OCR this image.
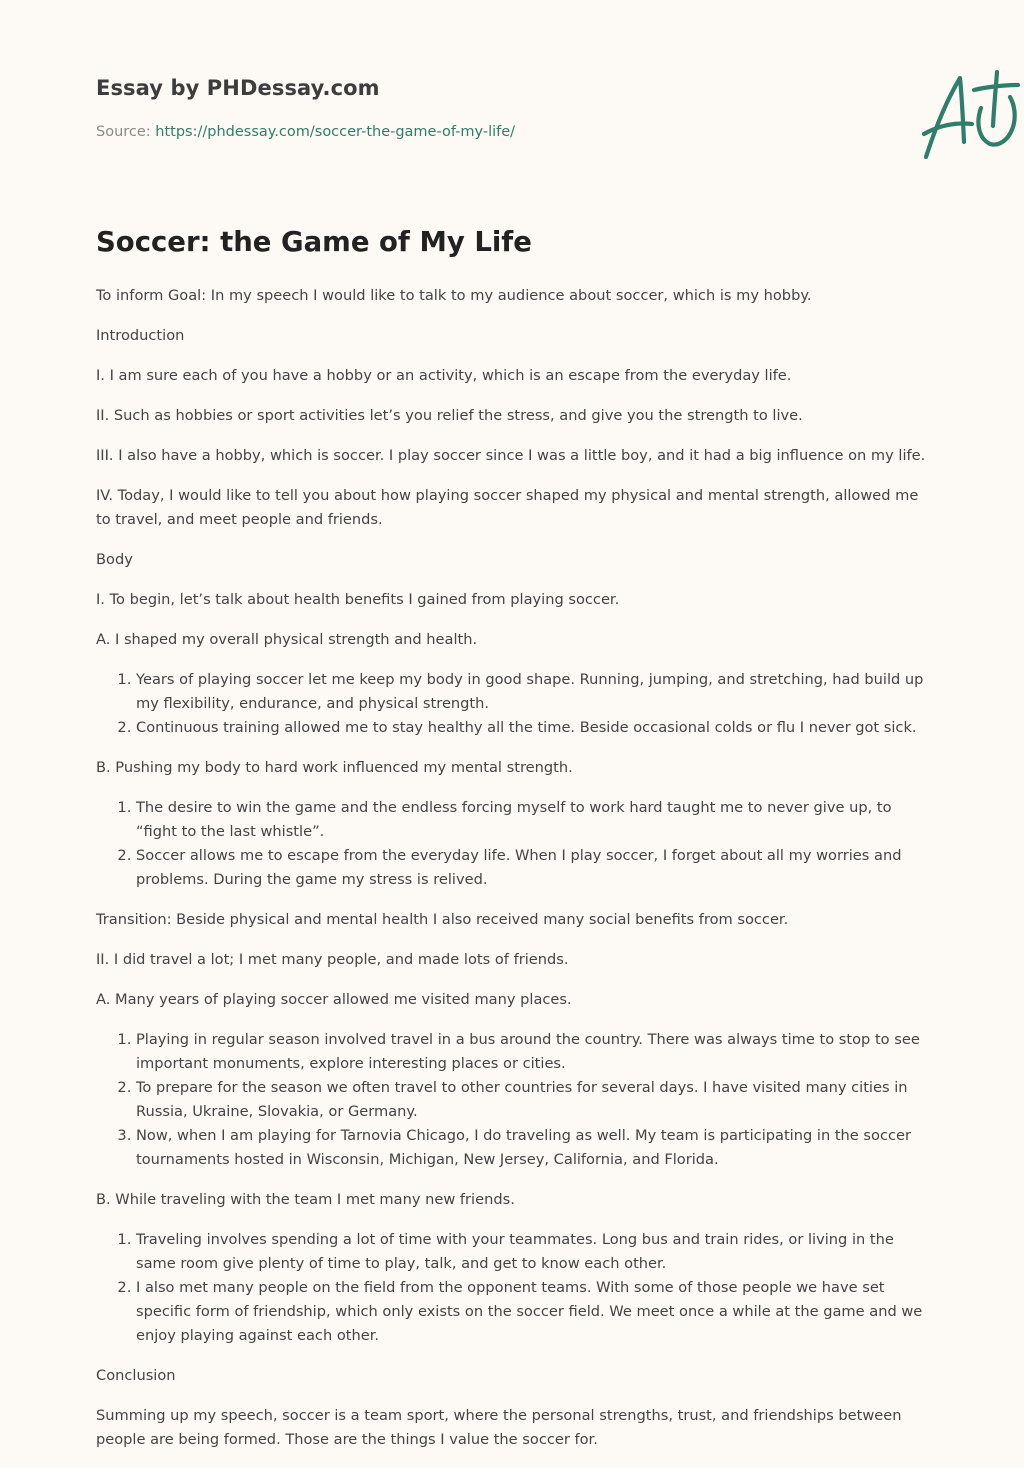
Essay by PHDessay.com
Source: https://phdessay.com/soccer-the-game-of-my-life/
Soccer: the Game of My Life

To inform Goal: In my speech I would like to talk to my audience about soccer, which is my hobby.

Introduction

I. I am sure each of you have a hobby or an activity, which is an escape from the everyday life.

II. Such as hobbies or sport activities let’s you relief the stress, and give you the strength to live.

III. I also have a hobby, which is soccer. I play soccer since I was a little boy, and it had a big influence on my life.

IV. Today, I would like to tell you about how playing soccer shaped my physical and mental strength, allowed me to travel, and meet people and friends.

Body

I. To begin, let’s talk about health benefits I gained from playing soccer.

A. I shaped my overall physical strength and health.

1. Years of playing soccer let me keep my body in good shape. Running, jumping, and stretching, had build up my flexibility, endurance, and physical strength.
2. Continuous training allowed me to stay healthy all the time. Beside occasional colds or flu I never got sick.

B. Pushing my body to hard work influenced my mental strength.

1. The desire to win the game and the endless forcing myself to work hard taught me to never give up, to “fight to the last whistle”.
2. Soccer allows me to escape from the everyday life. When I play soccer, I forget about all my worries and problems. During the game my stress is relived.

Transition: Beside physical and mental health I also received many social benefits from soccer.

II. I did travel a lot; I met many people, and made lots of friends.

A. Many years of playing soccer allowed me visited many places.

1. Playing in regular season involved travel in a bus around the country. There was always time to stop to see important monuments, explore interesting places or cities.
2. To prepare for the season we often travel to other countries for several days. I have visited many cities in Russia, Ukraine, Slovakia, or Germany.
3. Now, when I am playing for Tarnovia Chicago, I do traveling as well. My team is participating in the soccer tournaments hosted in Wisconsin, Michigan, New Jersey, California, and Florida.

B. While traveling with the team I met many new friends.

1. Traveling involves spending a lot of time with your teammates. Long bus and train rides, or living in the same room give plenty of time to play, talk, and get to know each other.
2. I also met many people on the field from the opponent teams. With some of those people we have set specific form of friendship, which only exists on the soccer field. We meet once a while at the game and we enjoy playing against each other.

Conclusion

Summing up my speech, soccer is a team sport, where the personal strengths, trust, and friendships between people are being formed. Those are the things I value the soccer for.
